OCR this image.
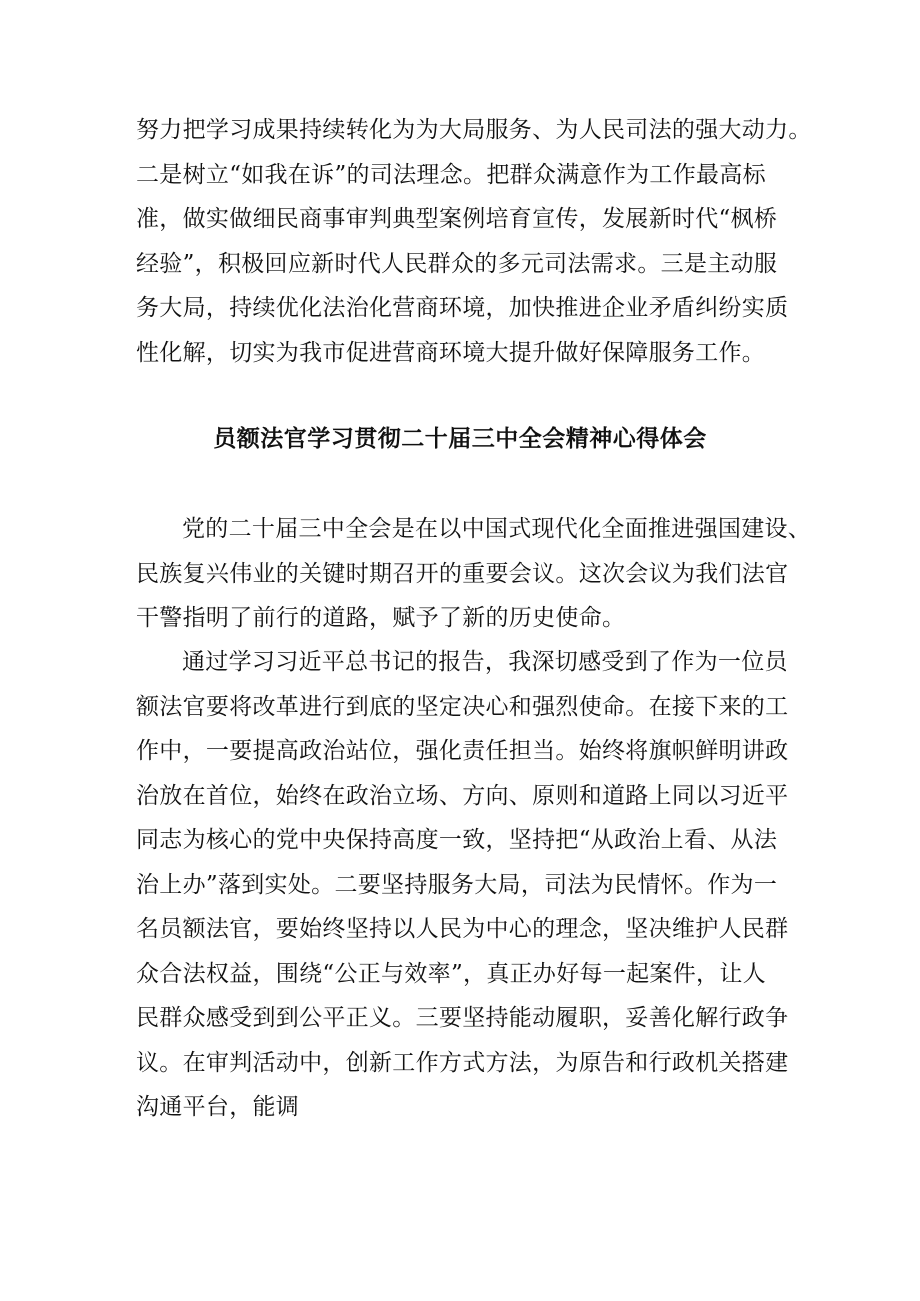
努力把学习成果持续转化为为大局服务、为人民司法的强大动力。
二是树立“如我在诉”的司法理念。把群众满意作为工作最高标
准，做实做细民商事审判典型案例培育宣传，发展新时代“枫桥
经验”，积极回应新时代人民群众的多元司法需求。三是主动服
务大局，持续优化法治化营商环境，加快推进企业矛盾纠纷实质
性化解，切实为我市促进营商环境大提升做好保障服务工作。
员额法官学习贯彻二十届三中全会精神心得体会
党的二十届三中全会是在以中国式现代化全面推进强国建设、
民族复兴伟业的关键时期召开的重要会议。这次会议为我们法官
干警指明了前行的道路，赋予了新的历史使命。
通过学习习近平总书记的报告，我深切感受到了作为一位员
额法官要将改革进行到底的坚定决心和强烈使命。在接下来的工
作中，一要提高政治站位，强化责任担当。始终将旗帜鲜明讲政
治放在首位，始终在政治立场、方向、原则和道路上同以习近平
同志为核心的党中央保持高度一致，坚持把“从政治上看、从法
治上办”落到实处。二要坚持服务大局，司法为民情怀。作为一
名员额法官，要始终坚持以人民为中心的理念，坚决维护人民群
众合法权益，围绕“公正与效率”，真正办好每一起案件，让人
民群众感受到到公平正义。三要坚持能动履职，妥善化解行政争
议。在审判活动中，创新工作方式方法，为原告和行政机关搭建
沟通平台，能调
